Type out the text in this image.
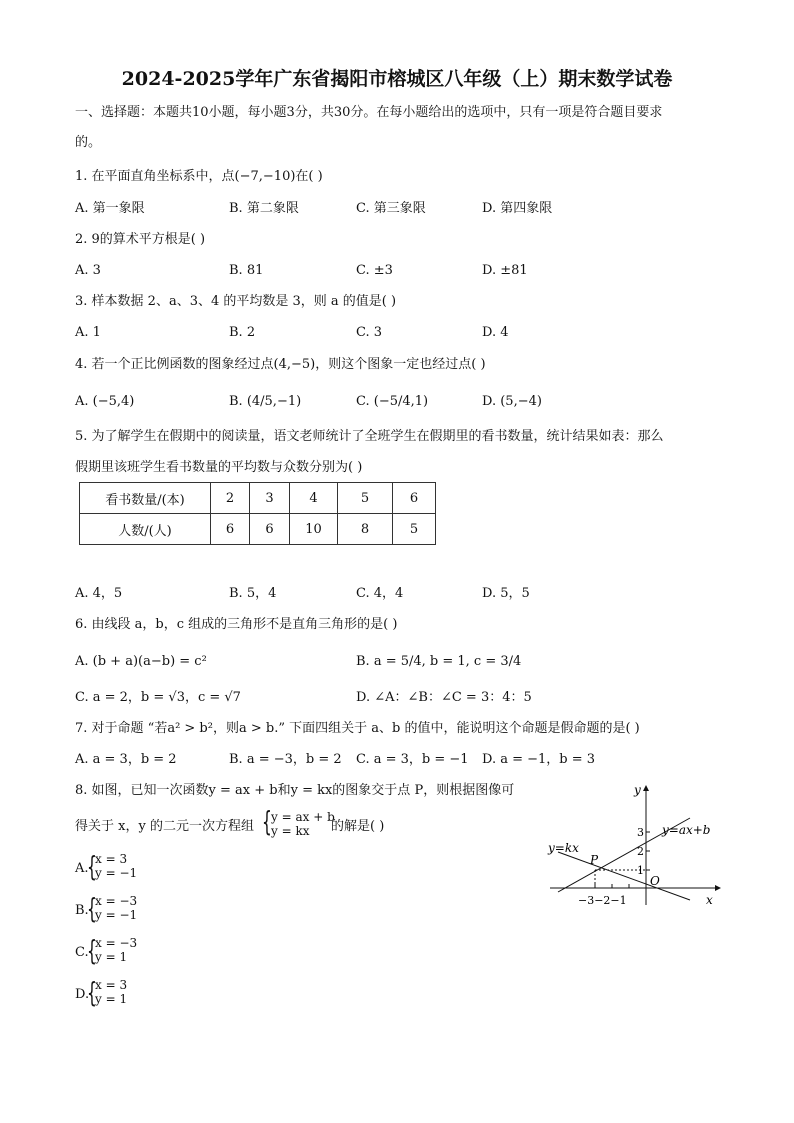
2024-2025学年广东省揭阳市榕城区八年级（上）期末数学试卷
一、选择题：本题共10小题，每小题3分，共30分。在每小题给出的选项中，只有一项是符合题目要求
的。
1. 在平面直角坐标系中，点(−7,−10)在( )
A. 第一象限	B. 第二象限	C. 第三象限	D. 第四象限
2. 9的算术平方根是( )
A. 3	B. 81	C. ±3	D. ±81
3. 样本数据 2、a、3、4 的平均数是 3，则 a 的值是( )
A. 1	B. 2	C. 3	D. 4
4. 若一个正比例函数的图象经过点(4,−5)，则这个图象一定也经过点( )
A. (−5,4)	B. (4/5,−1)	C. (−5/4,1)	D. (5,−4)
5. 为了解学生在假期中的阅读量，语文老师统计了全班学生在假期里的看书数量，统计结果如表：那么
假期里该班学生看书数量的平均数与众数分别为( )
看书数量/(本)	2	3	4	5	6
人数/(人)	6	6	10	8	5
A. 4，5	B. 5，4	C. 4，4	D. 5，5
6. 由线段 a，b，c 组成的三角形不是直角三角形的是( )
A. (b + a)(a−b) = c²	B. a = 5/4, b = 1, c = 3/4
C. a = 2，b = √3，c = √7	D. ∠A：∠B：∠C = 3：4：5
7. 对于命题 “若a² > b²，则a > b.” 下面四组关于 a、b 的值中，能说明这个命题是假命题的是( )
A. a = 3，b = 2	B. a = −3，b = 2 C. a = 3，b = −1 D. a = −1，b = 3
8. 如图，已知一次函数y = ax + b和y = kx的图象交于点 P，则根据图像可
得关于 x，y 的二元一次方程组 { y = ax + b
y = kx 的解是( )
A.
{
x = 3
y = −1
B.
{
x = −3
y = −1
C.
{
x = −3
y = 1
D.
{
x = 3
y = 1
y
x
O
P
y=ax+b
y=kx
3
2
1
−3−2−1
